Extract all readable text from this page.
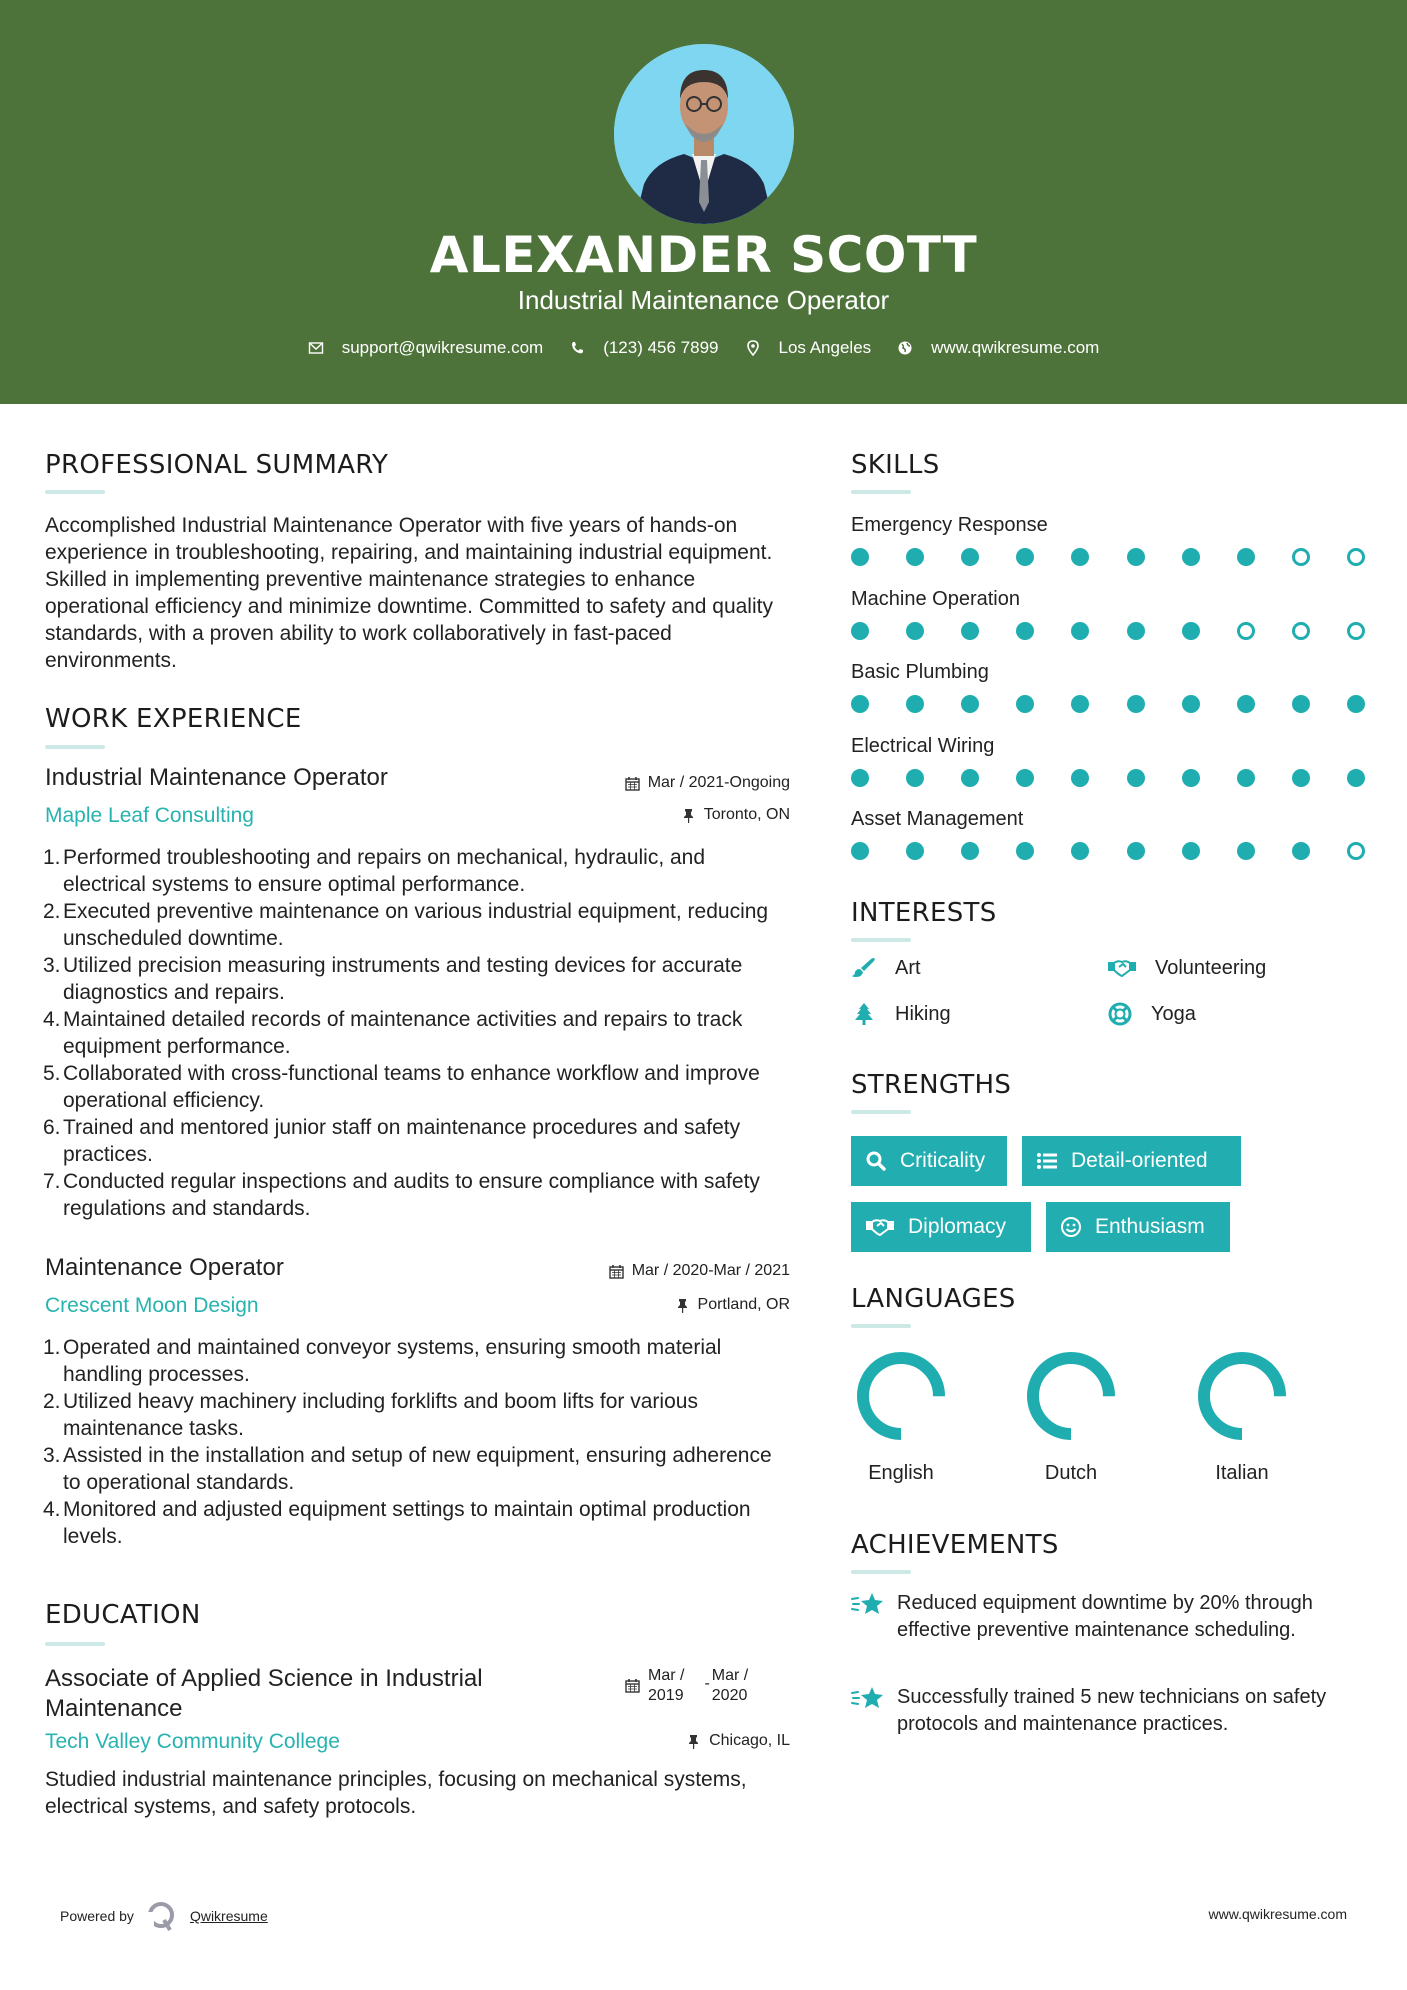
ALEXANDER SCOTT
Industrial Maintenance Operator
support@qwikresume.com	(123) 456 7899	Los Angeles	www.qwikresume.com
PROFESSIONAL SUMMARY
Accomplished Industrial Maintenance Operator with five years of hands-on experience in troubleshooting, repairing, and maintaining industrial equipment. Skilled in implementing preventive maintenance strategies to enhance operational efficiency and minimize downtime. Committed to safety and quality standards, with a proven ability to work collaboratively in fast-paced environments.
WORK EXPERIENCE
Industrial Maintenance Operator	Mar / 2021-Ongoing
Maple Leaf Consulting	Toronto, ON
1. Performed troubleshooting and repairs on mechanical, hydraulic, and electrical systems to ensure optimal performance.
2. Executed preventive maintenance on various industrial equipment, reducing unscheduled downtime.
3. Utilized precision measuring instruments and testing devices for accurate diagnostics and repairs.
4. Maintained detailed records of maintenance activities and repairs to track equipment performance.
5. Collaborated with cross-functional teams to enhance workflow and improve operational efficiency.
6. Trained and mentored junior staff on maintenance procedures and safety practices.
7. Conducted regular inspections and audits to ensure compliance with safety regulations and standards.
Maintenance Operator	Mar / 2020-Mar / 2021
Crescent Moon Design	Portland, OR
1. Operated and maintained conveyor systems, ensuring smooth material handling processes.
2. Utilized heavy machinery including forklifts and boom lifts for various maintenance tasks.
3. Assisted in the installation and setup of new equipment, ensuring adherence to operational standards.
4. Monitored and adjusted equipment settings to maintain optimal production levels.
EDUCATION
Associate of Applied Science in Industrial Maintenance
Mar /
2019
- Mar /
2020
Tech Valley Community College	Chicago, IL
Studied industrial maintenance principles, focusing on mechanical systems, electrical systems, and safety protocols.
SKILLS
Emergency Response
Machine Operation
Basic Plumbing
Electrical Wiring
Asset Management
INTERESTS
Art	Volunteering
Hiking	Yoga
STRENGTHS
Criticality	Detail-oriented
Diplomacy	Enthusiasm
LANGUAGES
English	Dutch	Italian
ACHIEVEMENTS
Reduced equipment downtime by 20% through effective preventive maintenance scheduling.
Successfully trained 5 new technicians on safety protocols and maintenance practices.
Powered by	Qwikresume	www.qwikresume.com
